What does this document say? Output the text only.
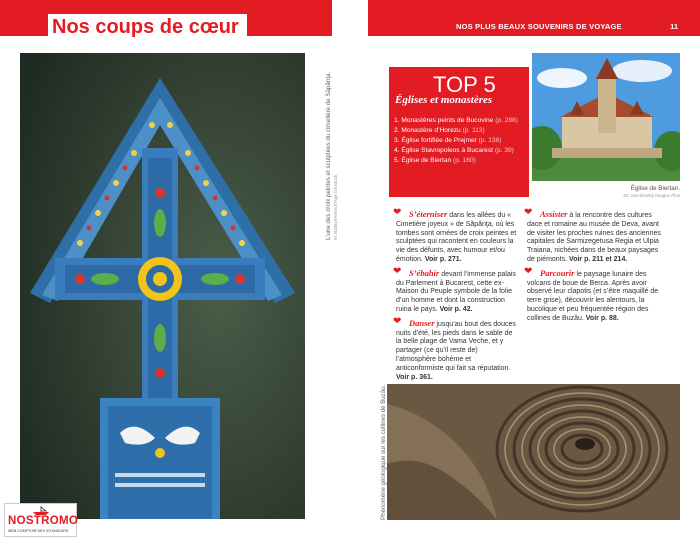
Nos coups de cœur
L’une des croix peintes et sculptées du cimetière de Săpânţa.
M. Batley/Hemis.fr/Age fotostock
NOSTROMO
WEB COMPTOIR DES VOYAGEURS
NOS PLUS BEAUX SOUVENIRS DE VOYAGE	11
TOP 5
Églises et monastères
1. Monastères peints de Bucovine (p. 288)
2. Monastère d’Horezu (p. 113)
3. Église fortifiée de Prejmer (p. 138)
4. Église Stavropoleos à Bucarest (p. 39)
5. Église de Biertan (p. 160)
Église de Biertan.
SC Stock/Getty Images Plus
❤ S’éterniser dans les allées du « Cimetière joyeux » de Săpânţa, où les tombes sont ornées de croix peintes et sculptées qui racontent en couleurs la vie des défunts, avec humour et/ou émotion. Voir p. 271.
❤ S’ébahir devant l’immense palais du Parlement à Bucarest, cette ex-Maison du Peuple symbole de la folie d’un homme et dont la construction ruina le pays. Voir p. 42.
❤ Danser jusqu’au bout des douces nuits d’été, les pieds dans le sable de la belle plage de Vama Veche, et y partager (ce qu’il reste de) l’atmosphère bohème et anticonformiste qui fait sa réputation. Voir p. 361.
❤ Assister à la rencontre des cultures dace et romaine au musée de Deva, avant de visiter les proches ruines des anciennes capitales de Sarmizegetusa Regia et Ulpia Traiana, nichées dans de beaux paysages de piémonts. Voir p. 211 et 214.
❤ Parcourir le paysage lunaire des volcans de boue de Berca. Après avoir observé leur clapotis (et s’être maquillé de terre grise), découvrir les alentours, la bucolique et peu fréquentée région des collines de Buzău. Voir p. 88.
Phénomène géologique sur les collines de Buzău.
